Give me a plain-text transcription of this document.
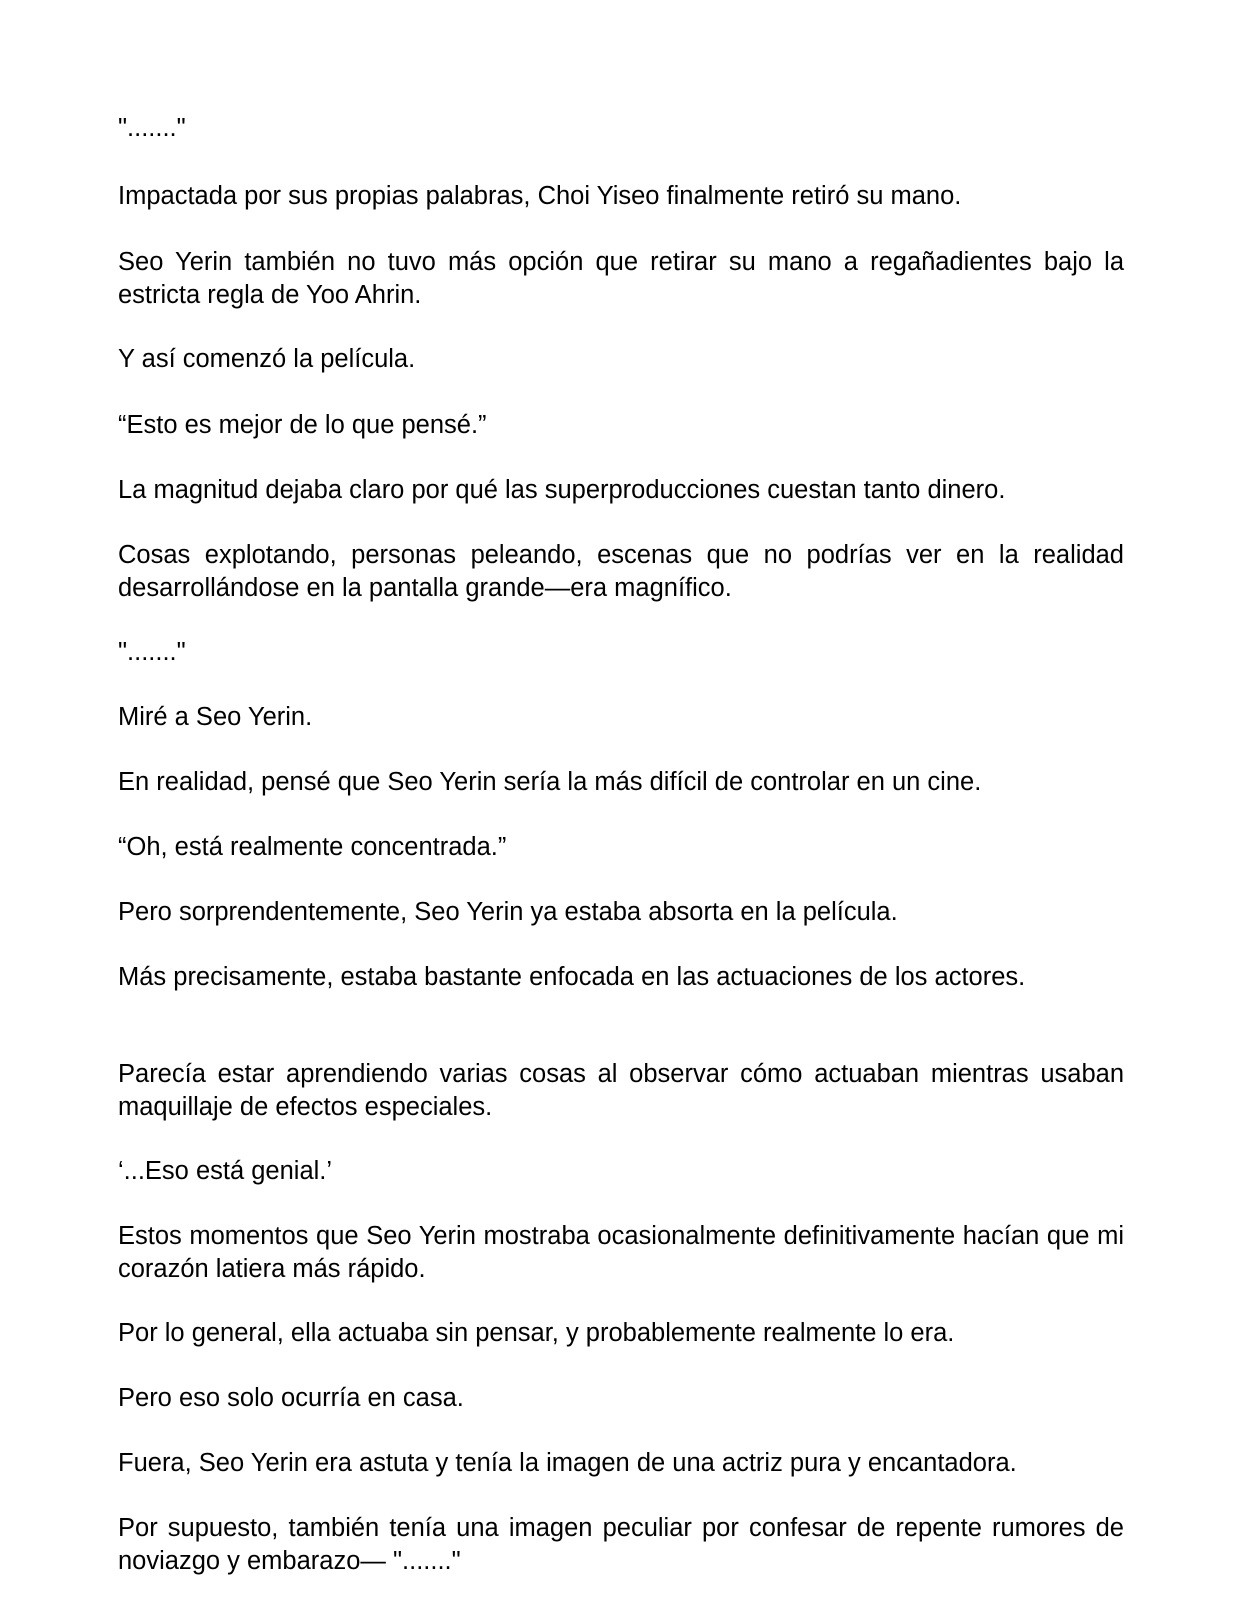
"......."

Impactada por sus propias palabras, Choi Yiseo finalmente retiró su mano.

Seo Yerin también no tuvo más opción que retirar su mano a regañadientes bajo la estricta regla de Yoo Ahrin.

Y así comenzó la película.

“Esto es mejor de lo que pensé.”

La magnitud dejaba claro por qué las superproducciones cuestan tanto dinero.

Cosas explotando, personas peleando, escenas que no podrías ver en la realidad desarrollándose en la pantalla grande—era magnífico.

"......."

Miré a Seo Yerin.

En realidad, pensé que Seo Yerin sería la más difícil de controlar en un cine.

“Oh, está realmente concentrada.”

Pero sorprendentemente, Seo Yerin ya estaba absorta en la película.

Más precisamente, estaba bastante enfocada en las actuaciones de los actores.

Parecía estar aprendiendo varias cosas al observar cómo actuaban mientras usaban maquillaje de efectos especiales.

‘...Eso está genial.’

Estos momentos que Seo Yerin mostraba ocasionalmente definitivamente hacían que mi corazón latiera más rápido.

Por lo general, ella actuaba sin pensar, y probablemente realmente lo era.

Pero eso solo ocurría en casa.

Fuera, Seo Yerin era astuta y tenía la imagen de una actriz pura y encantadora.

Por supuesto, también tenía una imagen peculiar por confesar de repente rumores de noviazgo y embarazo— "......."
